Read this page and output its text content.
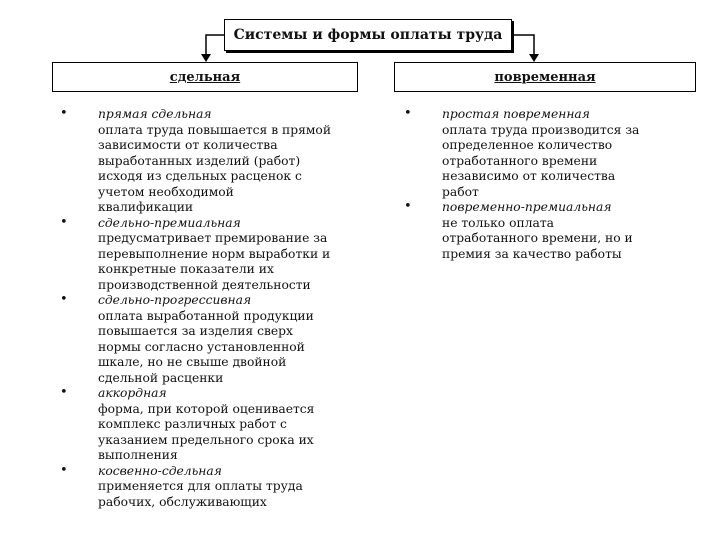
Системы и формы оплаты труда
сдельная	повременная
• прямая сдельная
оплата труда повышается в прямой
зависимости от количества
выработанных изделий (работ)
исходя из сдельных расценок с
учетом необходимой
квалификации
• сдельно-премиальная
предусматривает премирование за
перевыполнение норм выработки и
конкретные показатели их
производственной деятельности
• сдельно-прогрессивная
оплата выработанной продукции
повышается за изделия сверх
нормы согласно установленной
шкале, но не свыше двойной
сдельной расценки
• аккордная
форма, при которой оценивается
комплекс различных работ с
указанием предельного срока их
выполнения
• косвенно-сдельная
применяется для оплаты труда
рабочих, обслуживающих
• простая повременная
оплата труда производится за
определенное количество
отработанного времени
независимо от количества
работ
• повременно-премиальная
не только оплата
отработанного времени, но и
премия за качество работы
